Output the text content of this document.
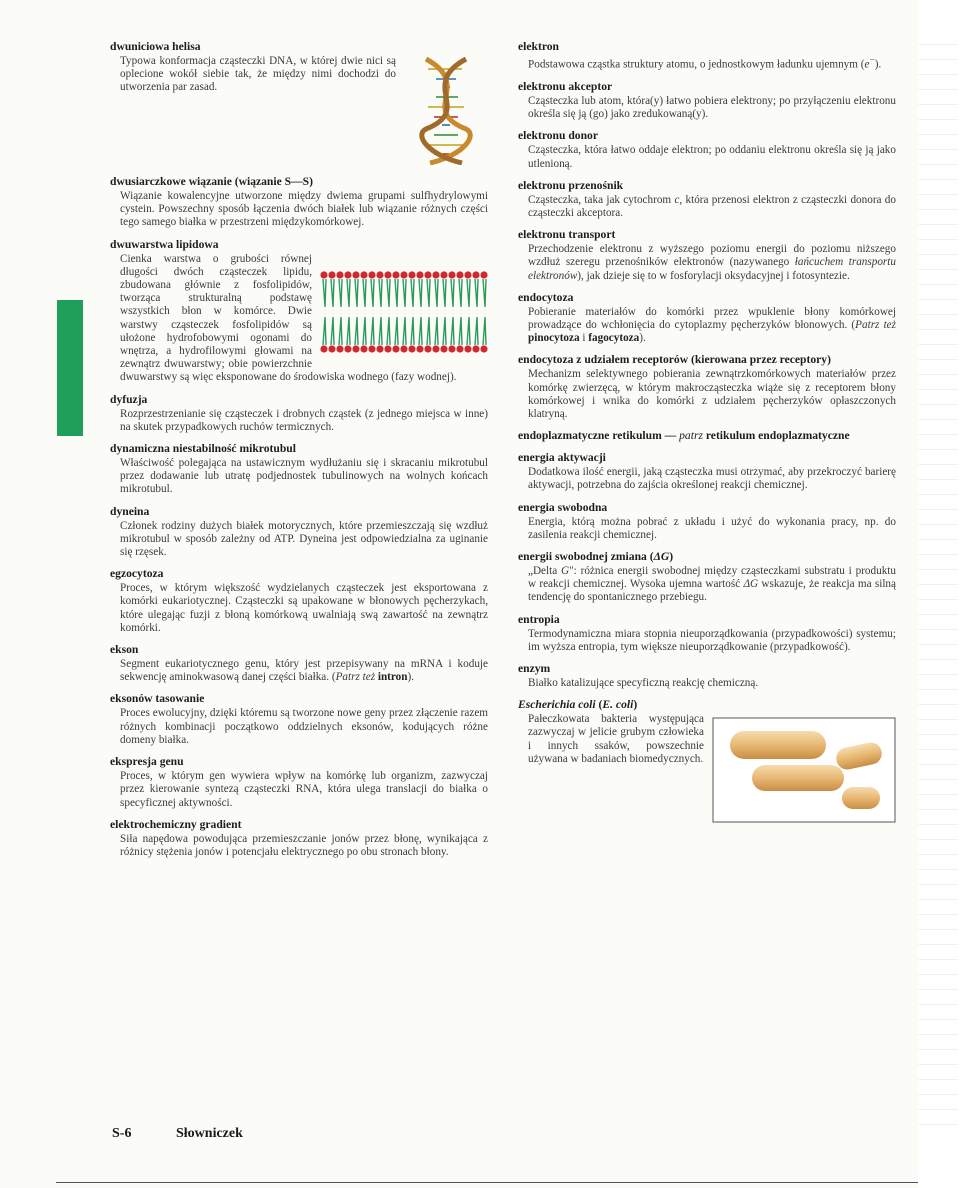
dwuniciowa helisa
Typowa konformacja cząsteczki DNA, w której dwie nici są oplecione wokół siebie tak, że między nimi dochodzi do utworzenia par zasad.
dwusiarczkowe wiązanie (wiązanie S—S)
Wiązanie kowalencyjne utworzone między dwiema grupami sulfhydrylowymi cystein. Powszechny sposób łączenia dwóch białek lub wiązanie różnych części tego samego białka w przestrzeni międzykomórkowej.
dwuwarstwa lipidowa
Cienka warstwa o grubości równej długości dwóch cząsteczek lipidu, zbudowana głównie z fosfolipidów, tworząca strukturalną podstawę wszystkich błon w komórce. Dwie warstwy cząsteczek fosfolipidów są ułożone hydrofobowymi ogonami do wnętrza, a hydrofilowymi głowami na zewnątrz dwuwarstwy; obie powierzchnie dwuwarstwy są więc eksponowane do środowiska wodnego (fazy wodnej).
dyfuzja
Rozprzestrzenianie się cząsteczek i drobnych cząstek (z jednego miejsca w inne) na skutek przypadkowych ruchów termicznych.
dynamiczna niestabilność mikrotubul
Właściwość polegająca na ustawicznym wydłużaniu się i skracaniu mikrotubul przez dodawanie lub utratę podjednostek tubulinowych na wolnych końcach mikrotubul.
dyneina
Członek rodziny dużych białek motorycznych, które przemieszczają się wzdłuż mikrotubul w sposób zależny od ATP. Dyneina jest odpowiedzialna za uginanie się rzęsek.
egzocytoza
Proces, w którym większość wydzielanych cząsteczek jest eksportowana z komórki eukariotycznej. Cząsteczki są upakowane w błonowych pęcherzykach, które ulegając fuzji z błoną komórkową uwalniają swą zawartość na zewnątrz komórki.
ekson
Segment eukariotycznego genu, który jest przepisywany na mRNA i koduje sekwencję aminokwasową danej części białka. (Patrz też intron).
eksonów tasowanie
Proces ewolucyjny, dzięki któremu są tworzone nowe geny przez złączenie razem różnych kombinacji początkowo oddzielnych eksonów, kodujących różne domeny białka.
ekspresja genu
Proces, w którym gen wywiera wpływ na komórkę lub organizm, zazwyczaj przez kierowanie syntezą cząsteczki RNA, która ulega translacji do białka o specyficznej aktywności.
elektrochemiczny gradient
Siła napędowa powodująca przemieszczanie jonów przez błonę, wynikająca z różnicy stężenia jonów i potencjału elektrycznego po obu stronach błony.
elektron
Podstawowa cząstka struktury atomu, o jednostkowym ładunku ujemnym (e−).
elektronu akceptor
Cząsteczka lub atom, która(y) łatwo pobiera elektrony; po przyłączeniu elektronu określa się ją (go) jako zredukowaną(y).
elektronu donor
Cząsteczka, która łatwo oddaje elektron; po oddaniu elektronu określa się ją jako utlenioną.
elektronu przenośnik
Cząsteczka, taka jak cytochrom c, która przenosi elektron z cząsteczki donora do cząsteczki akceptora.
elektronu transport
Przechodzenie elektronu z wyższego poziomu energii do poziomu niższego wzdłuż szeregu przenośników elektronów (nazywanego łańcuchem transportu elektronów), jak dzieje się to w fosforylacji oksydacyjnej i fotosyntezie.
endocytoza
Pobieranie materiałów do komórki przez wpuklenie błony komórkowej prowadzące do wchłonięcia do cytoplazmy pęcherzyków błonowych. (Patrz też pinocytoza i fagocytoza).
endocytoza z udziałem receptorów (kierowana przez receptory)
Mechanizm selektywnego pobierania zewnątrzkomórkowych materiałów przez komórkę zwierzęcą, w którym makrocząsteczka wiąże się z receptorem błony komórkowej i wnika do komórki z udziałem pęcherzyków opłaszczonych klatryną.
endoplazmatyczne retikulum — patrz retikulum endoplazmatyczne
energia aktywacji
Dodatkowa ilość energii, jaką cząsteczka musi otrzymać, aby przekroczyć barierę aktywacji, potrzebna do zajścia określonej reakcji chemicznej.
energia swobodna
Energia, którą można pobrać z układu i użyć do wykonania pracy, np. do zasilenia reakcji chemicznej.
energii swobodnej zmiana (ΔG)
„Delta G": różnica energii swobodnej między cząsteczkami substratu i produktu w reakcji chemicznej. Wysoka ujemna wartość ΔG wskazuje, że reakcja ma silną tendencję do spontanicznego przebiegu.
entropia
Termodynamiczna miara stopnia nieuporządkowania (przypadkowości) systemu; im wyższa entropia, tym większe nieuporządkowanie (przypadkowość).
enzym
Białko katalizujące specyficzną reakcję chemiczną.
Escherichia coli (E. coli)
Pałeczkowata bakteria występująca zazwyczaj w jelicie grubym człowieka i innych ssaków, powszechnie używana w badaniach biomedycznych.
S-6	Słowniczek
